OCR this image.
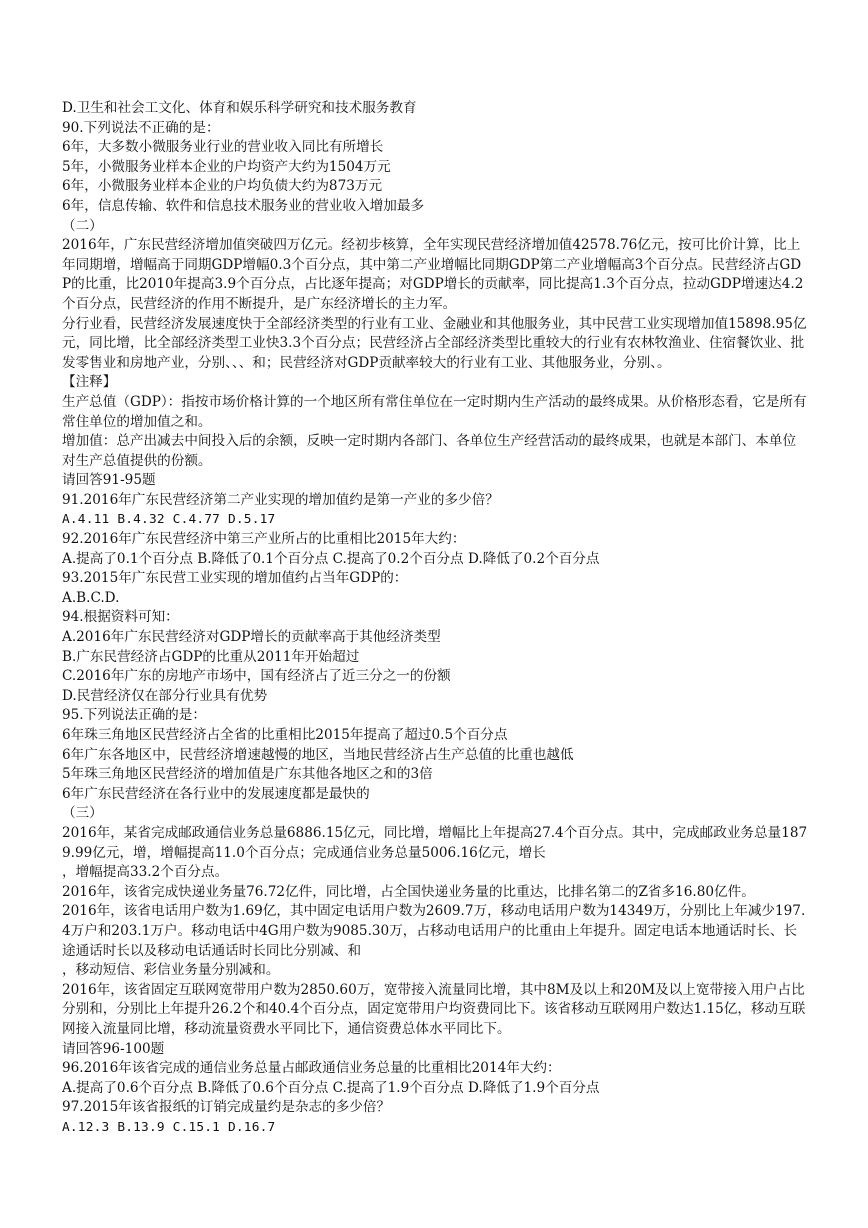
D.卫生和社会工文化、体育和娱乐科学研究和技术服务教育
90.下列说法不正确的是：
6年，大多数小微服务业行业的营业收入同比有所增长
5年，小微服务业样本企业的户均资产大约为1504万元
6年，小微服务业样本企业的户均负债大约为873万元
6年，信息传输、软件和信息技术服务业的营业收入增加最多
（二）
2016年，广东民营经济增加值突破四万亿元。经初步核算，全年实现民营经济增加值42578.76亿元，按可比价计算，比上年同期增，增幅高于同期GDP增幅0.3个百分点，其中第二产业增幅比同期GDP第二产业增幅高3个百分点。民营经济占GDP的比重，比2010年提高3.9个百分点，占比逐年提高；对GDP增长的贡献率，同比提高1.3个百分点，拉动GDP增速达4.2个百分点，民营经济的作用不断提升，是广东经济增长的主力军。
分行业看，民营经济发展速度快于全部经济类型的行业有工业、金融业和其他服务业，其中民营工业实现增加值15898.95亿元，同比增，比全部经济类型工业快3.3个百分点；民营经济占全部经济类型比重较大的行业有农林牧渔业、住宿餐饮业、批发零售业和房地产业，分别、、、和；民营经济对GDP贡献率较大的行业有工业、其他服务业，分别、。
【注释】
生产总值（GDP）：指按市场价格计算的一个地区所有常住单位在一定时期内生产活动的最终成果。从价格形态看，它是所有常住单位的增加值之和。
增加值：总产出减去中间投入后的余额，反映一定时期内各部门、各单位生产经营活动的最终成果，也就是本部门、本单位对生产总值提供的份额。
请回答91-95题
91.2016年广东民营经济第二产业实现的增加值约是第一产业的多少倍？
A.4.11 B.4.32 C.4.77 D.5.17
92.2016年广东民营经济中第三产业所占的比重相比2015年大约：
A.提高了0.1个百分点 B.降低了0.1个百分点 C.提高了0.2个百分点 D.降低了0.2个百分点
93.2015年广东民营工业实现的增加值约占当年GDP的：
A.B.C.D.
94.根据资料可知：
A.2016年广东民营经济对GDP增长的贡献率高于其他经济类型
B.广东民营经济占GDP的比重从2011年开始超过
C.2016年广东的房地产市场中，国有经济占了近三分之一的份额
D.民营经济仅在部分行业具有优势
95.下列说法正确的是：
6年珠三角地区民营经济占全省的比重相比2015年提高了超过0.5个百分点
6年广东各地区中，民营经济增速越慢的地区，当地民营经济占生产总值的比重也越低
5年珠三角地区民营经济的增加值是广东其他各地区之和的3倍
6年广东民营经济在各行业中的发展速度都是最快的
（三）
2016年，某省完成邮政通信业务总量6886.15亿元，同比增，增幅比上年提高27.4个百分点。其中，完成邮政业务总量1879.99亿元，增，增幅提高11.0个百分点；完成通信业务总量5006.16亿元，增长
，增幅提高33.2个百分点。
2016年，该省完成快递业务量76.72亿件，同比增，占全国快递业务量的比重达，比排名第二的Z省多16.80亿件。
2016年，该省电话用户数为1.69亿，其中固定电话用户数为2609.7万，移动电话用户数为14349万，分别比上年减少197.4万户和203.1万户。移动电话中4G用户数为9085.30万，占移动电话用户的比重由上年提升。固定电话本地通话时长、长途通话时长以及移动电话通话时长同比分别减、和
，移动短信、彩信业务量分别减和。
2016年，该省固定互联网宽带用户数为2850.60万，宽带接入流量同比增，其中8M及以上和20M及以上宽带接入用户占比分别和，分别比上年提升26.2个和40.4个百分点，固定宽带用户均资费同比下。该省移动互联网用户数达1.15亿，移动互联网接入流量同比增，移动流量资费水平同比下，通信资费总体水平同比下。
请回答96-100题
96.2016年该省完成的通信业务总量占邮政通信业务总量的比重相比2014年大约：
A.提高了0.6个百分点 B.降低了0.6个百分点 C.提高了1.9个百分点 D.降低了1.9个百分点
97.2015年该省报纸的订销完成量约是杂志的多少倍？
A.12.3 B.13.9 C.15.1 D.16.7
